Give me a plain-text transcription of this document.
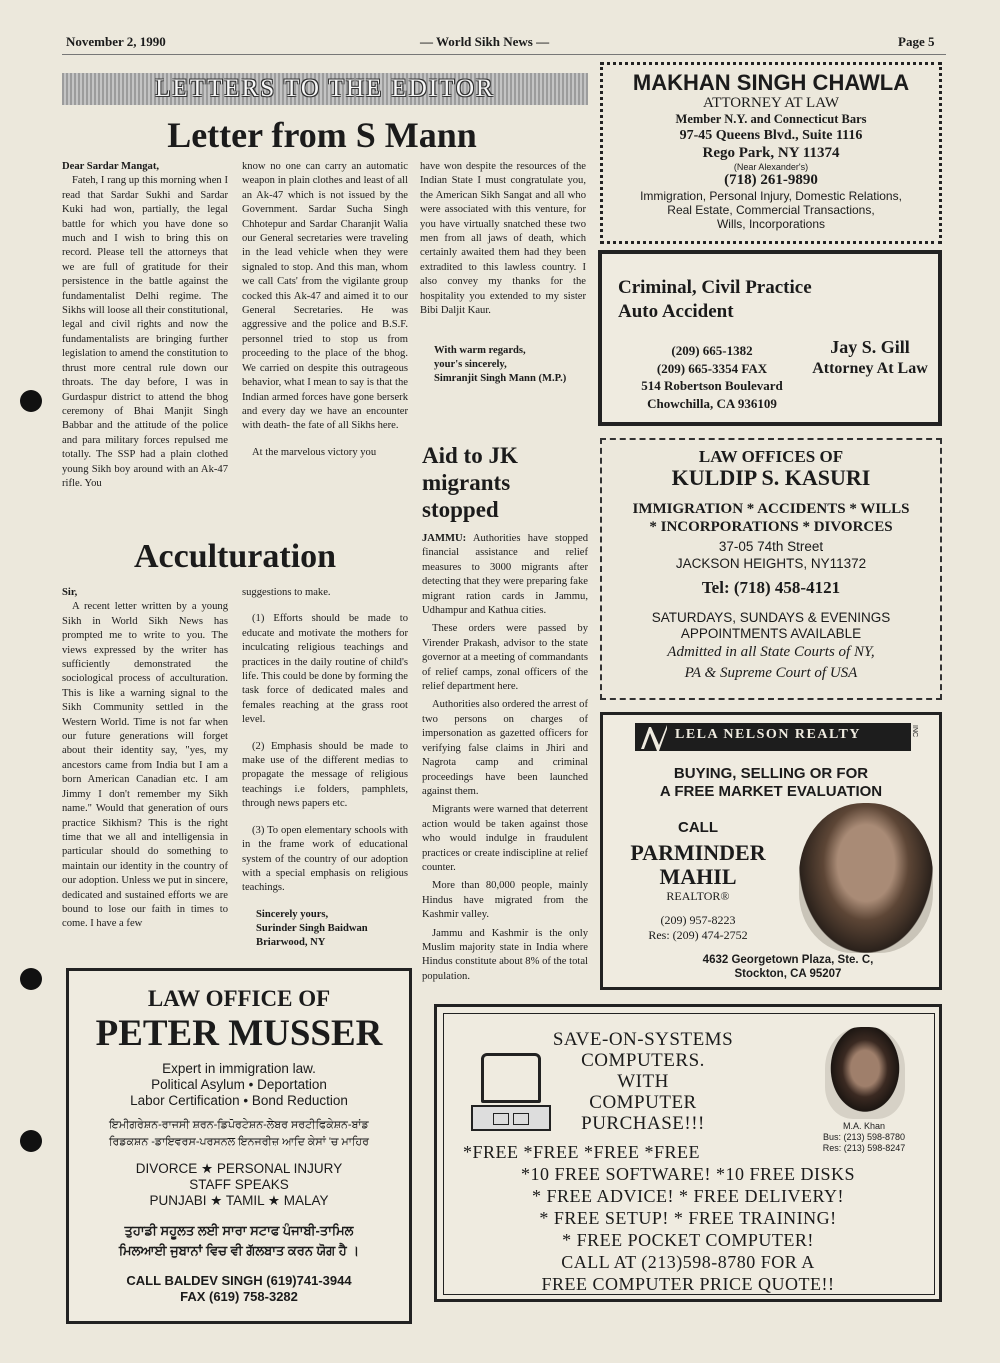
November 2, 1990	— World Sikh News —	Page 5
LETTERS TO THE EDITOR
Letter from S Mann

Dear Sardar Mangat,

Fateh, I rang up this morning when I read that Sardar Sukhi and Sardar Kuki had won, partially, the legal battle for which you have done so much and I wish to bring this on record. Please tell the attorneys that we are full of gratitude for their persistence in the battle against the fundamentalist Delhi regime. The Sikhs will loose all their constitutional, legal and civil rights and now the fundamentalists are bringing further legislation to amend the constitution to thrust more central rule down our throats. The day before, I was in Gurdaspur district to attend the bhog ceremony of Bhai Manjit Singh Babbar and the attitude of the police and para military forces repulsed me totally. The SSP had a plain clothed young Sikh boy around with an Ak-47 rifle. You

know no one can carry an automatic weapon in plain clothes and least of all an Ak-47 which is not issued by the Government. Sardar Sucha Singh Chhotepur and Sardar Charanjit Walia our General secretaries were traveling in the lead vehicle when they were signaled to stop. And this man, whom we call Cats' from the vigilante group cocked this Ak-47 and aimed it to our General Secretaries. He was aggressive and the police and B.S.F. personnel tried to stop us from proceeding to the place of the bhog. We carried on despite this outrageous behavior, what I mean to say is that the Indian armed forces have gone berserk and every day we have an encounter with death- the fate of all Sikhs here.

At the marvelous victory you

have won despite the resources of the Indian State I must congratulate you, the American Sikh Sangat and all who were associated with this venture, for you have virtually snatched these two men from all jaws of death, which certainly awaited them had they been extradited to this lawless country. I also convey my thanks for the hospitality you extended to my sister Bibi Daljit Kaur.

With warm regards,
your's sincerely,
Simranjit Singh Mann (M.P.)
Acculturation

Sir,

A recent letter written by a young Sikh in World Sikh News has prompted me to write to you. The views expressed by the writer has sufficiently demonstrated the sociological process of acculturation. This is like a warning signal to the Sikh Community settled in the Western World. Time is not far when our future generations will forget about their identity say, "yes, my ancestors came from India but I am a born American Canadian etc. I am Jimmy I don't remember my Sikh name." Would that generation of ours practice Sikhism? This is the right time that we all and intelligensia in particular should do something to maintain our identity in the country of our adoption. Unless we put in sincere, dedicated and sustained efforts we are bound to lose our faith in times to come. I have a few

suggestions to make.

(1) Efforts should be made to educate and motivate the mothers for inculcating religious teachings and practices in the daily routine of child's life. This could be done by forming the task force of dedicated males and females reaching at the grass root level.

(2) Emphasis should be made to make use of the different medias to propagate the message of religious teachings i.e folders, pamphlets, through news papers etc.

(3) To open elementary schools with in the frame work of educational system of the country of our adoption with a special emphasis on religious teachings.

Sincerely yours,
Surinder Singh Baidwan
Briarwood, NY
Aid to JK
migrants
stopped

JAMMU: Authorities have stopped financial assistance and relief measures to 3000 migrants after detecting that they were preparing fake migrant ration cards in Jammu, Udhampur and Kathua cities.

These orders were passed by Virender Prakash, advisor to the state governor at a meeting of commandants of relief camps, zonal officers of the relief department here.

Authorities also ordered the arrest of two persons on charges of impersonation as gazetted officers for verifying false claims in Jhiri and Nagrota camp and criminal proceedings have been launched against them.

Migrants were warned that deterrent action would be taken against those who would indulge in fraudulent practices or create indiscipline at relief counter.

More than 80,000 people, mainly Hindus have migrated from the Kashmir valley.

Jammu and Kashmir is the only Muslim majority state in India where Hindus constitute about 8% of the total population.

MAKHAN SINGH CHAWLA
ATTORNEY AT LAW
Member N.Y. and Connecticut Bars
97-45 Queens Blvd., Suite 1116
Rego Park, NY 11374
(Near Alexander's)
(718) 261-9890
Immigration, Personal Injury, Domestic Relations,
Real Estate, Commercial Transactions,
Wills, Incorporations
Criminal, Civil Practice
Auto Accident
(209) 665-1382
(209) 665-3354 FAX
514 Robertson Boulevard
Chowchilla, CA 936109
Jay S. Gill
Attorney At Law
LAW OFFICES OF
KULDIP S. KASURI
IMMIGRATION * ACCIDENTS * WILLS
* INCORPORATIONS * DIVORCES
37-05 74th Street
JACKSON HEIGHTS, NY11372
Tel: (718) 458-4121
SATURDAYS, SUNDAYS & EVENINGS
APPOINTMENTS AVAILABLE
Admitted in all State Courts of NY,
PA & Supreme Court of USA
LELA NELSON REALTY	INC
BUYING, SELLING OR FOR
A FREE MARKET EVALUATION
CALL
PARMINDER
MAHIL
REALTOR®
(209) 957-8223
Res: (209) 474-2752
4632 Georgetown Plaza, Ste. C,
Stockton, CA 95207
LAW OFFICE OF
PETER MUSSER
Expert in immigration law.
Political Asylum • Deportation
Labor Certification • Bond Reduction
ਇਮੀਗਰੇਸ਼ਨ-ਰਾਜਸੀ ਸ਼ਰਨ-ਡਿਪੋਰਟੇਸ਼ਨ-ਲੇਬਰ ਸਰਟੀਫਿਕੇਸ਼ਨ-ਬਾਂਡ
ਰਿਡਕਸ਼ਨ -ਡਾਇਵਰਸ-ਪਰਸਨਲ ਇਨਜਰੀਜ਼ ਆਦਿ ਕੇਸਾਂ 'ਚ ਮਾਹਿਰ
DIVORCE ★ PERSONAL INJURY
STAFF SPEAKS
PUNJABI ★ TAMIL ★ MALAY
ਤੁਹਾਡੀ ਸਹੂਲਤ ਲਈ ਸਾਰਾ ਸਟਾਫ ਪੰਜਾਬੀ-ਤਾਮਿਲ
ਮਿਲਆਈ ਜੁਬਾਨਾਂ ਵਿਚ ਵੀ ਗੱਲਬਾਤ ਕਰਨ ਯੋਗ ਹੈ ।
CALL BALDEV SINGH (619)741-3944
FAX (619) 758-3282
SAVE-ON-SYSTEMS
COMPUTERS.
WITH
COMPUTER
PURCHASE!!!	M.A. Khan
Bus: (213) 598-8780
Res: (213) 598-8247
*FREE *FREE *FREE *FREE
*10 FREE SOFTWARE! *10 FREE DISKS
* FREE ADVICE! * FREE DELIVERY!
* FREE SETUP! * FREE TRAINING!
* FREE POCKET COMPUTER!
CALL AT (213)598-8780 FOR A
FREE COMPUTER PRICE QUOTE!!
